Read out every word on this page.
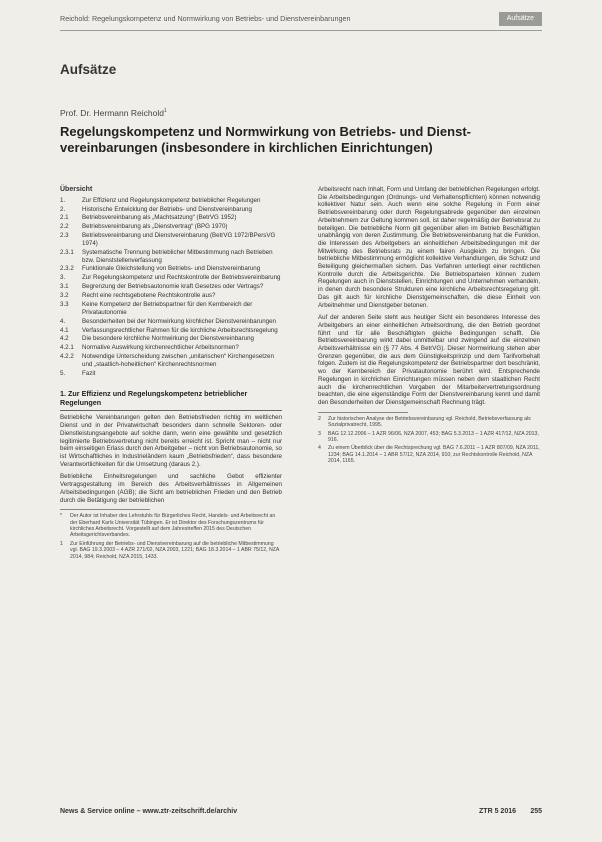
Reichold: Regelungskompetenz und Normwirkung von Betriebs- und Dienstvereinbarungen	Aufsätze
Aufsätze
Prof. Dr. Hermann Reichold$^1$
Regelungskompetenz und Normwirkung von Betriebs- und Dienst-vereinbarungen (insbesondere in kirchlichen Einrichtungen)
Übersicht
1.	Zur Effizienz und Regelungskompetenz betrieblicher Regelungen
2.	Historische Entwicklung der Betriebs- und Dienstvereinbarung
2.1	Betriebsvereinbarung als „Machtsatzung“ (BetrVG 1952)
2.2	Betriebsvereinbarung als „Dienstvertrag“ (BPG 1970)
2.3	Betriebsvereinbarung und Dienstvereinbarung (BetrVG 1972/BPersVG 1974)
2.3.1	Systematische Trennung betrieblicher Mitbestimmung nach Betrieben bzw. Dienststellenverfassung
2.3.2	Funktionale Gleichstellung von Betriebs- und Dienstvereinbarung
3.	Zur Regelungskompetenz und Rechtskontrolle der Betriebsvereinbarung
3.1	Begrenzung der Betriebsautonomie kraft Gesetzes oder Vertrags?
3.2	Recht eine rechtsgebotene Rechtskontrolle aus?
3.3	Keine Kompetenz der Betriebspartner für den Kernbereich der Privatautonomie
4.	Besonderheiten bei der Normwirkung kirchlicher Dienstvereinbarungen
4.1	Verfassungsrechtlicher Rahmen für die kirchliche Arbeitsrechtsregelung
4.2	Die besondere kirchliche Normwirkung der Dienstvereinbarung
4.2.1	Normative Auswirkung kirchenrechtlicher Arbeitsnormen?
4.2.2	Notwendige Unterscheidung zwischen „unitarischen“ Kirchengesetzen und „staatlich-hoheitlichen“ Kirchenrechtsnormen
5.	Fazit
1. Zur Effizienz und Regelungskompetenz betrieblicher Regelungen

Betriebliche Vereinbarungen gelten den Betriebsfrieden richtig im weltlichen Dienst und in der Privatwirtschaft besonders dann schnelle Sektoren- oder Dienstleistungsangebote auf solche dann, wenn eine gewählte und gesetzlich legitimierte Betriebsvertretung nicht bereits erreicht ist. Spricht man – nicht nur beim einseitigen Erlass durch den Arbeitgeber – nicht von Betriebsautonomie, so ist Wirtschaftliches in Industrieländern kaum „Betriebsfrieden“, dass besondere Verantwortlichkeiten für die Umsetzung (daraus 2.).

Betriebliche Einheitsregelungen und sachliche Gebot effizienter Vertragsgestaltung im Bereich des Arbeitsverhältnisses in Allgemeinen Arbeitsbedingungen (AGB); die Sicht am betrieblichen Frieden und den Betrieb durch die Betätigung der betrieblichen

*	Der Autor ist Inhaber des Lehrstuhls für Bürgerliches Recht, Handels- und Arbeitsrecht an der Eberhard Karls Universität Tübingen. Er ist Direktor des Forschungszentrums für kirchliches Arbeitsrecht. Vorgestellt auf dem Jahrestreffen 2015 des Deutschen Arbeitsgerichtsverbandes.
1	Zur Einführung der Betriebs- und Dienstvereinbarung auf die betriebliche Mitbestimmung vgl. BAG 19.3.2003 – 4 AZR 271/02, NZA 2003, 1221; BAG 18.3.2014 – 1 ABR 75/12, NZA 2014, 984; Reichold, NZA 2015, 1433.

Arbeitsrecht nach Inhalt, Form und Umfang der betrieblichen Regelungen erfolgt. Die Arbeitsbedingungen (Ordnungs- und Verhaltenspflichten) können notwendig kollektiver Natur sein. Auch wenn eine solche Regelung in Form einer Betriebsvereinbarung oder durch Regelungsabrede gegenüber den einzelnen Arbeitnehmern zur Geltung kommen soll, ist daher regelmäßig der Betriebsrat zu beteiligen. Die betriebliche Norm gilt gegenüber allen im Betrieb Beschäftigten unabhängig von deren Zustimmung. Die Betriebsvereinbarung hat die Funktion, die Interessen des Arbeitgebers an einheitlichen Arbeitsbedingungen mit der Mitwirkung des Betriebsrats zu einem fairen Ausgleich zu bringen. Die betriebliche Mitbestimmung ermöglicht kollektive Verhandlungen, die Schutz und Beteiligung gleichermaßen sichern. Das Verfahren unterliegt einer rechtlichen Kontrolle durch die Arbeitsgerichte. Die Betriebsparteien können zudem Regelungen auch in Dienststellen, Einrichtungen und Unternehmen verhandeln, in denen durch besondere Strukturen eine kirchliche Arbeitsrechtsregelung gilt. Das gilt auch für kirchliche Dienstgemeinschaften, die diese Einheit von Arbeitnehmer und Dienstgeber betonen.

Auf der anderen Seite steht aus heutiger Sicht ein besonderes Interesse des Arbeitgebers an einer einheitlichen Arbeitsordnung, die den Betrieb geordnet führt und für alle Beschäftigten gleiche Bedingungen schafft. Die Betriebsvereinbarung wirkt dabei unmittelbar und zwingend auf die einzelnen Arbeitsverhältnisse ein (§ 77 Abs. 4 BetrVG). Dieser Normwirkung stehen aber Grenzen gegenüber, die aus dem Günstigkeitsprinzip und dem Tarifvorbehalt folgen. Zudem ist die Regelungskompetenz der Betriebspartner dort beschränkt, wo der Kernbereich der Privatautonomie berührt wird. Entsprechende Regelungen in kirchlichen Einrichtungen müssen neben dem staatlichen Recht auch die kirchenrechtlichen Vorgaben der Mitarbeitervertretungsordnung beachten, die eine eigenständige Form der Dienstvereinbarung kennt und damit den Besonderheiten der Dienstgemeinschaft Rechnung trägt.

2	Zur historischen Analyse der Betriebsvereinbarung vgl. Reichold, Betriebsverfassung als Sozialprivatrecht, 1995.
3	BAG 12.12.2006 – 1 AZR 96/06, NZA 2007, 453; BAG 5.3.2013 – 1 AZR 417/12, NZA 2013, 916.
4	Zu einem Überblick über die Rechtsprechung vgl. BAG 7.6.2011 – 1 AZR 807/09, NZA 2011, 1234; BAG 14.1.2014 – 1 ABR 57/12, NZA 2014, 910; zur Rechtskontrolle Reichold, NZA 2014, 1165.
News & Service online – www.ztr-zeitschrift.de/archiv	ZTR 5 2016 255
